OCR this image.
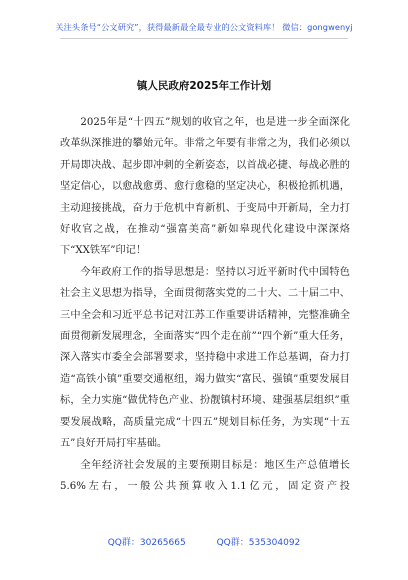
关注头条号“公文研究”，获得最新最全最专业的公文资料库！ 微信：gongwenyj
镇人民政府2025年工作计划

2025年是“十四五”规划的收官之年，也是进一步全面深化改革纵深推进的攀始元年。非常之年要有非常之为，我们必须以开局即决战、起步即冲刺的全新姿态，以首战必捷、每战必胜的坚定信心，以愈战愈勇、愈行愈稳的坚定决心，积极抢抓机遇，主动迎接挑战，奋力于危机中育新机、于变局中开新局，全力打好收官之战，在推动“强富美高”新如皋现代化建设中深深烙下“XX铁军”印记！

今年政府工作的指导思想是：坚持以习近平新时代中国特色社会主义思想为指导，全面贯彻落实党的二十大、二十届二中、三中全会和习近平总书记对江苏工作重要讲话精神，完整准确全面贯彻新发展理念，全面落实“四个走在前”“四个新”重大任务，深入落实市委全会部署要求，坚持稳中求进工作总基调，奋力打造“高铁小镇”重要交通枢纽，竭力做实“富民、强镇”重要发展目标，全力实施“做优特色产业、扮靓镇村环境、建强基层组织”重要发展战略，高质量完成“十四五”规划目标任务，为实现“十五五”良好开局打牢基础。

全年经济社会发展的主要预期目标是：地区生产总值增长5.6%左右，一般公共预算收入1.1亿元，固定资产投

QQ群：30265665	QQ群：535304092
